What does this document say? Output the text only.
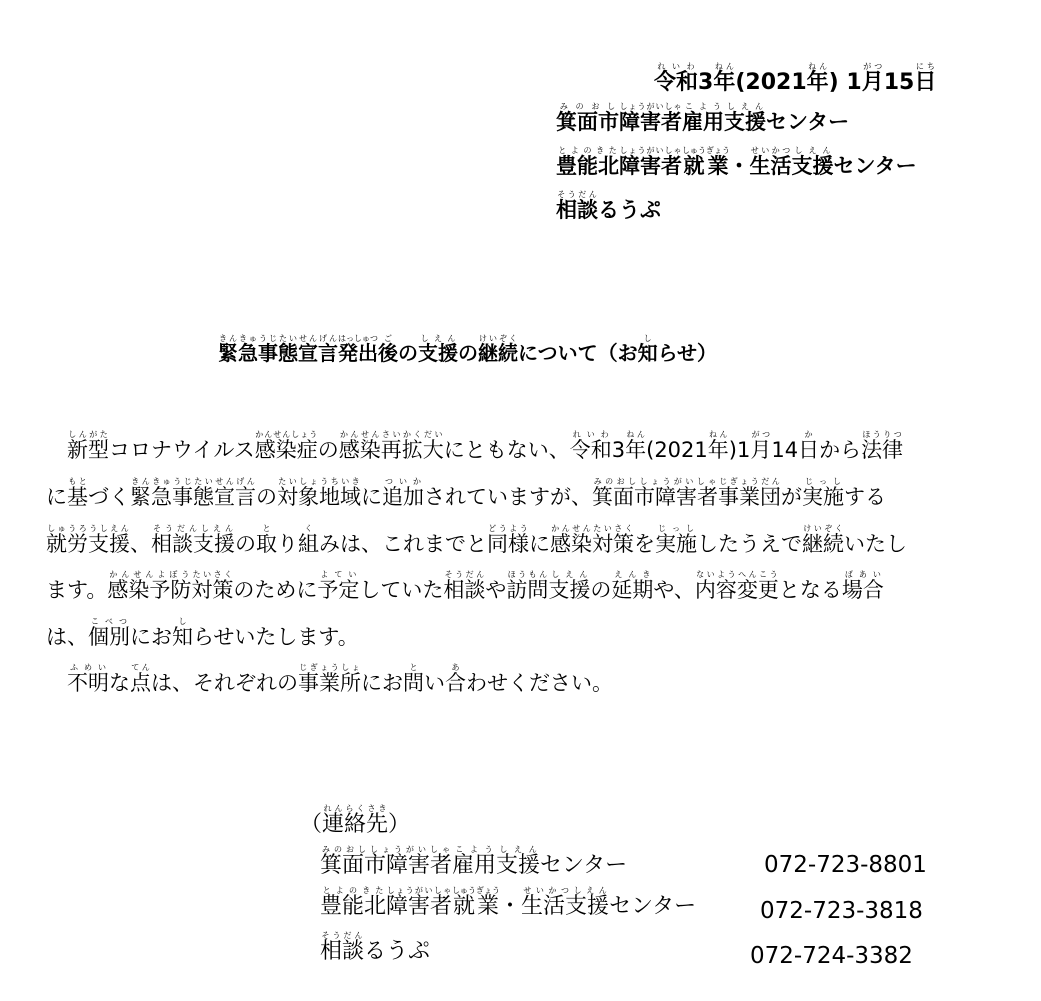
令和れいわ3年ねん(2021年ねん) 1月がつ15日にち
箕面市みのおし障害者しょうがいしゃ雇用こよう支援しえんセンター
豊能北とよのきた障害者しょうがいしゃ就業しゅうぎょう・生活せいかつ支援しえんセンター
相談そうだんるうぷ
緊急事態宣言きんきゅうじたいせんげん発出はっしゅつ後ごの支援しえんの継続けいぞくについて（お知しらせ）
　新型しんがたコロナウイルス感染症かんせんしょうの感染かんせん再さい拡大かくだいにともない、令和れいわ3年ねん(2021年ねん)1月がつ14日かから法律ほうりつ
に基もとづく緊急事態宣言きんきゅうじたいせんげんの対象地域たいしょうちいきに追加ついかされていますが、箕面市障害者みのおししょうがいしゃ事業団じぎょうだんが実施じっしする
就労支援しゅうろうしえん、相談支援そうだんしえんの取とり組くみは、これまでと同様どうように感染対策かんせんたいさくを実施じっししたうえで継続けいぞくいたし
ます。感染予防かんせんよぼう対策たいさくのために予定よていしていた相談そうだんや訪問ほうもん支援しえんの延期えんきや、内容ないよう変更へんこうとなる場合ばあい
は、個別こべつにお知しらせいたします。
　不明ふめいな点てんは、それぞれの事業所じぎょうしょにお問とい合あわせください。
（連絡先れんらくさき）
箕面市障害者みのおししょうがいしゃ雇用支援こようしえんセンター	072-723-8801
豊能北とよのきた障害者しょうがいしゃ就業しゅうぎょう・生活支援せいかつしえんセンター	072-723-3818
相談そうだんるうぷ	072-724-3382
